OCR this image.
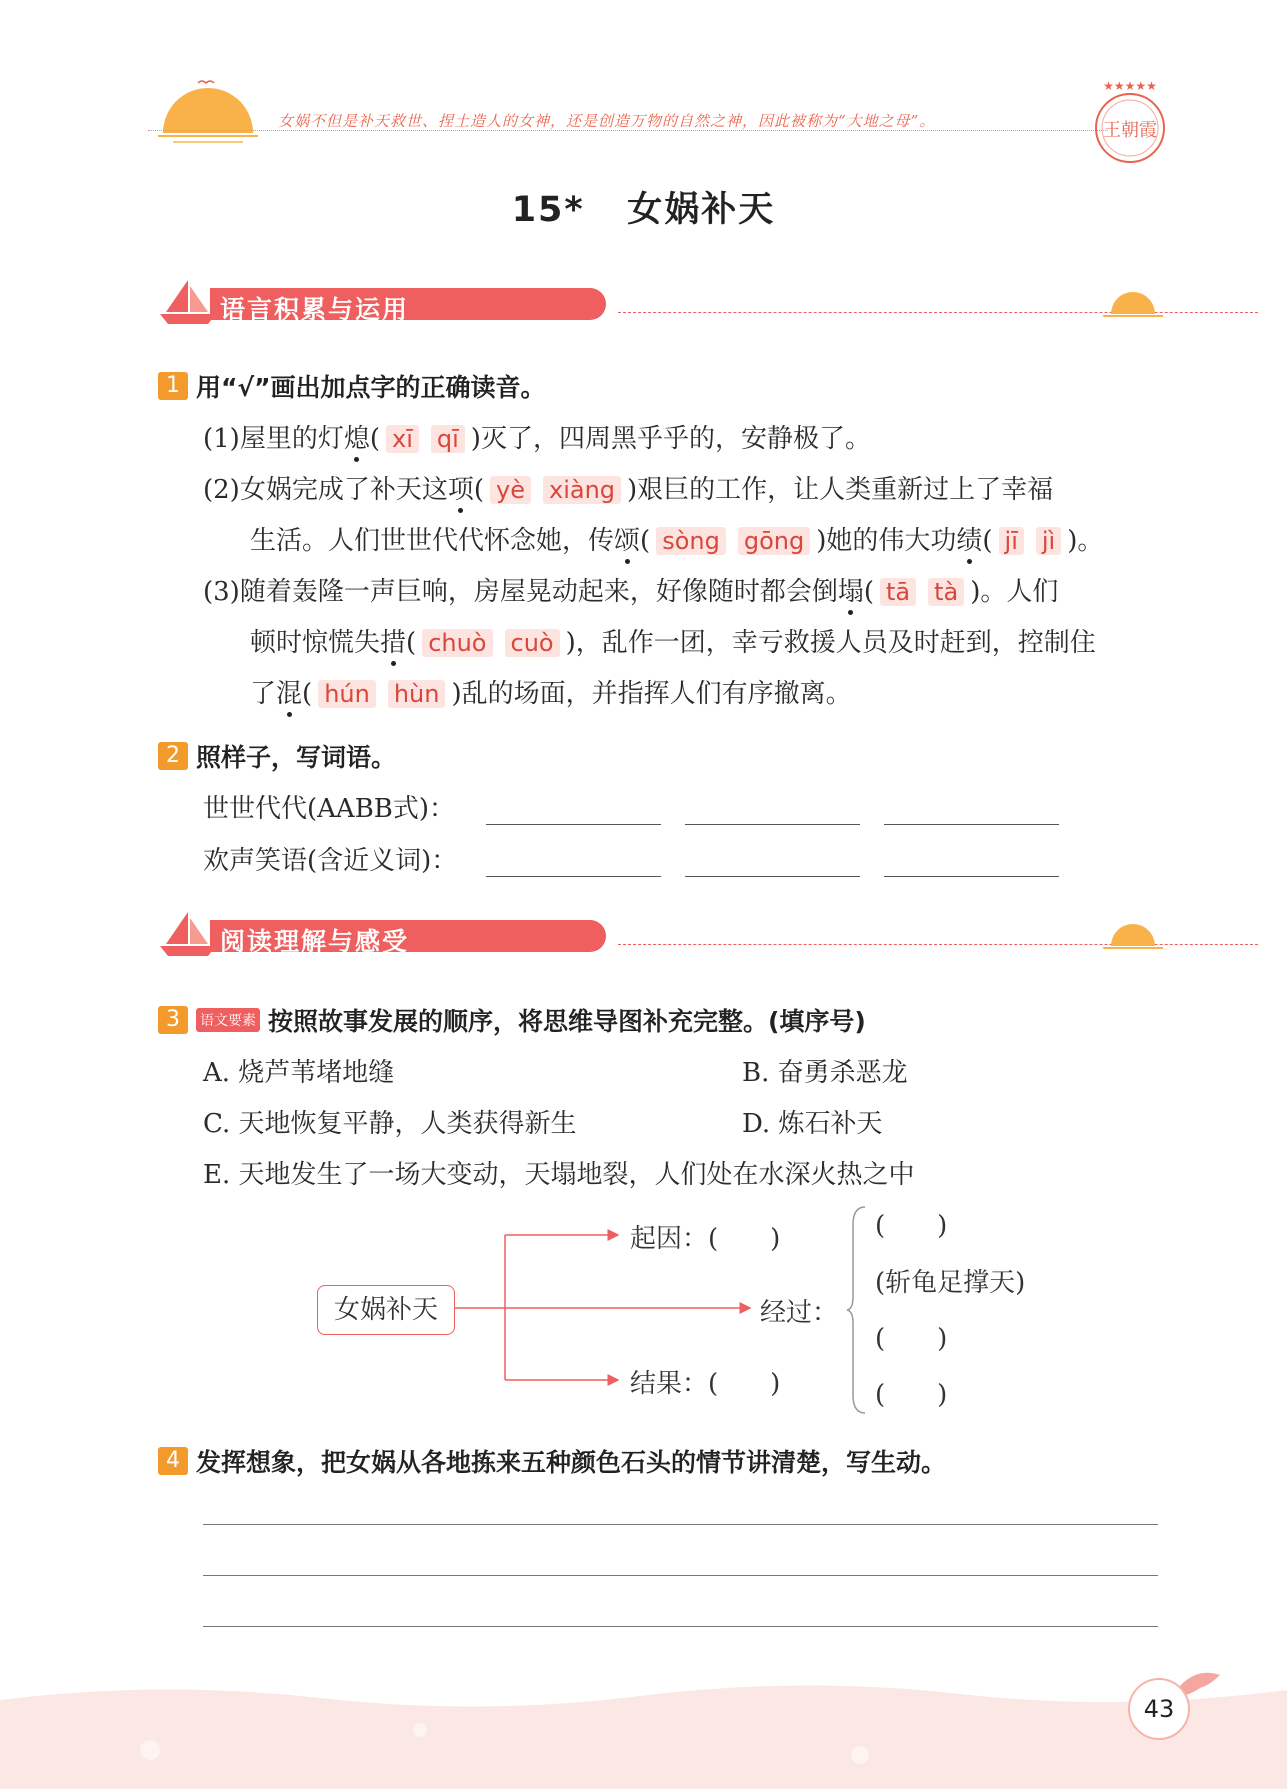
女娲不但是补天救世、捏土造人的女神，还是创造万物的自然之神，因此被称为“大地之母”。
★★★★★
王朝霞
15* 女娲补天
语言积累与运用
1 用“√”画出加点字的正确读音。
(1)屋里的灯熄( xī qī )灭了，四周黑乎乎的，安静极了。
(2)女娲完成了补天这项( yè xiàng )艰巨的工作，让人类重新过上了幸福
生活。人们世世代代怀念她，传颂( sòng gōng )她的伟大功绩( jī jì )。
(3)随着轰隆一声巨响，房屋晃动起来，好像随时都会倒塌( tā tà )。人们
顿时惊慌失措( chuò cuò )，乱作一团，幸亏救援人员及时赶到，控制住
了混( hún hùn )乱的场面，并指挥人们有序撤离。
2 照样子，写词语。
世世代代(AABB式)：
欢声笑语(含近义词)：
阅读理解与感受
3 语文要素 按照故事发展的顺序，将思维导图补充完整。(填序号)
A. 烧芦苇堵地缝	B. 奋勇杀恶龙
C. 天地恢复平静，人类获得新生	D. 炼石补天
E. 天地发生了一场大变动，天塌地裂，人们处在水深火热之中
女娲补天
起因：(　　)
经过：
结果：(　　)
(　　)
(斩龟足撑天)
(　　)
(　　)
4 发挥想象，把女娲从各地拣来五种颜色石头的情节讲清楚，写生动。
43
